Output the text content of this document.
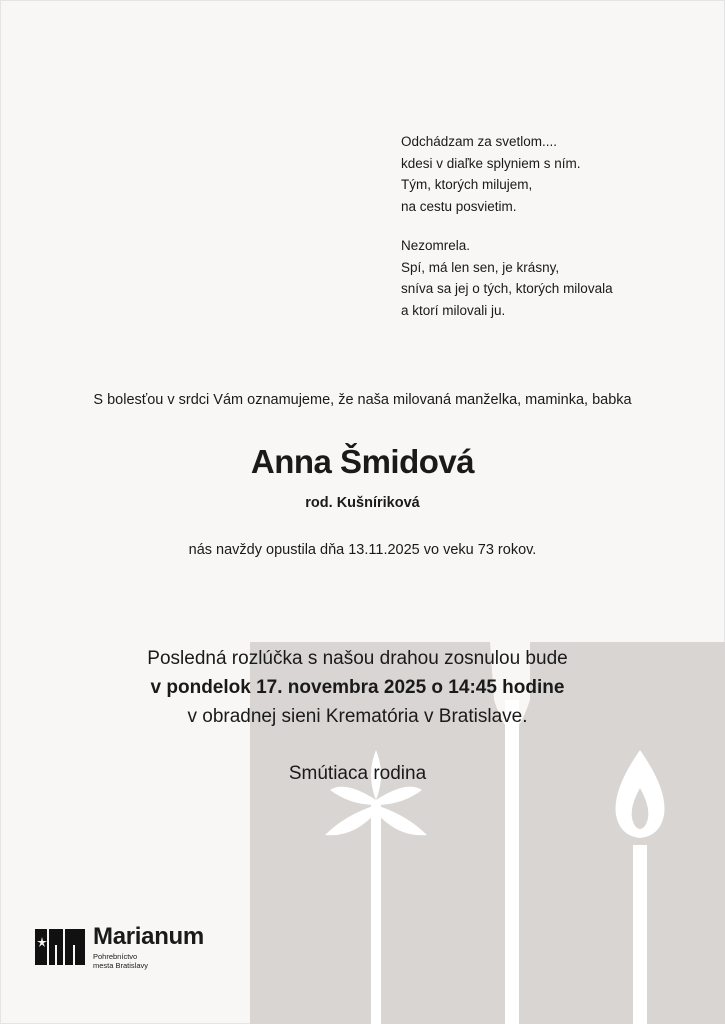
Odchádzam za svetlom....
kdesi v diaľke splyniem s ním.
Tým, ktorých milujem,
na cestu posvietim.
Nezomrela.
Spí, má len sen, je krásny,
sníva sa jej o tých, ktorých milovala
a ktorí milovali ju.
S bolesťou v srdci Vám oznamujeme, že naša milovaná manželka, maminka, babka
Anna Šmidová
rod. Kušníriková
nás navždy opustila dňa 13.11.2025 vo veku 73 rokov.
Posledná rozlúčka s našou drahou zosnulou bude
v pondelok 17. novembra 2025 o 14:45 hodine
v obradnej sieni Krematória v Bratislave.
Smútiaca rodina
Marianum
Pohrebníctvo
mesta Bratislavy
